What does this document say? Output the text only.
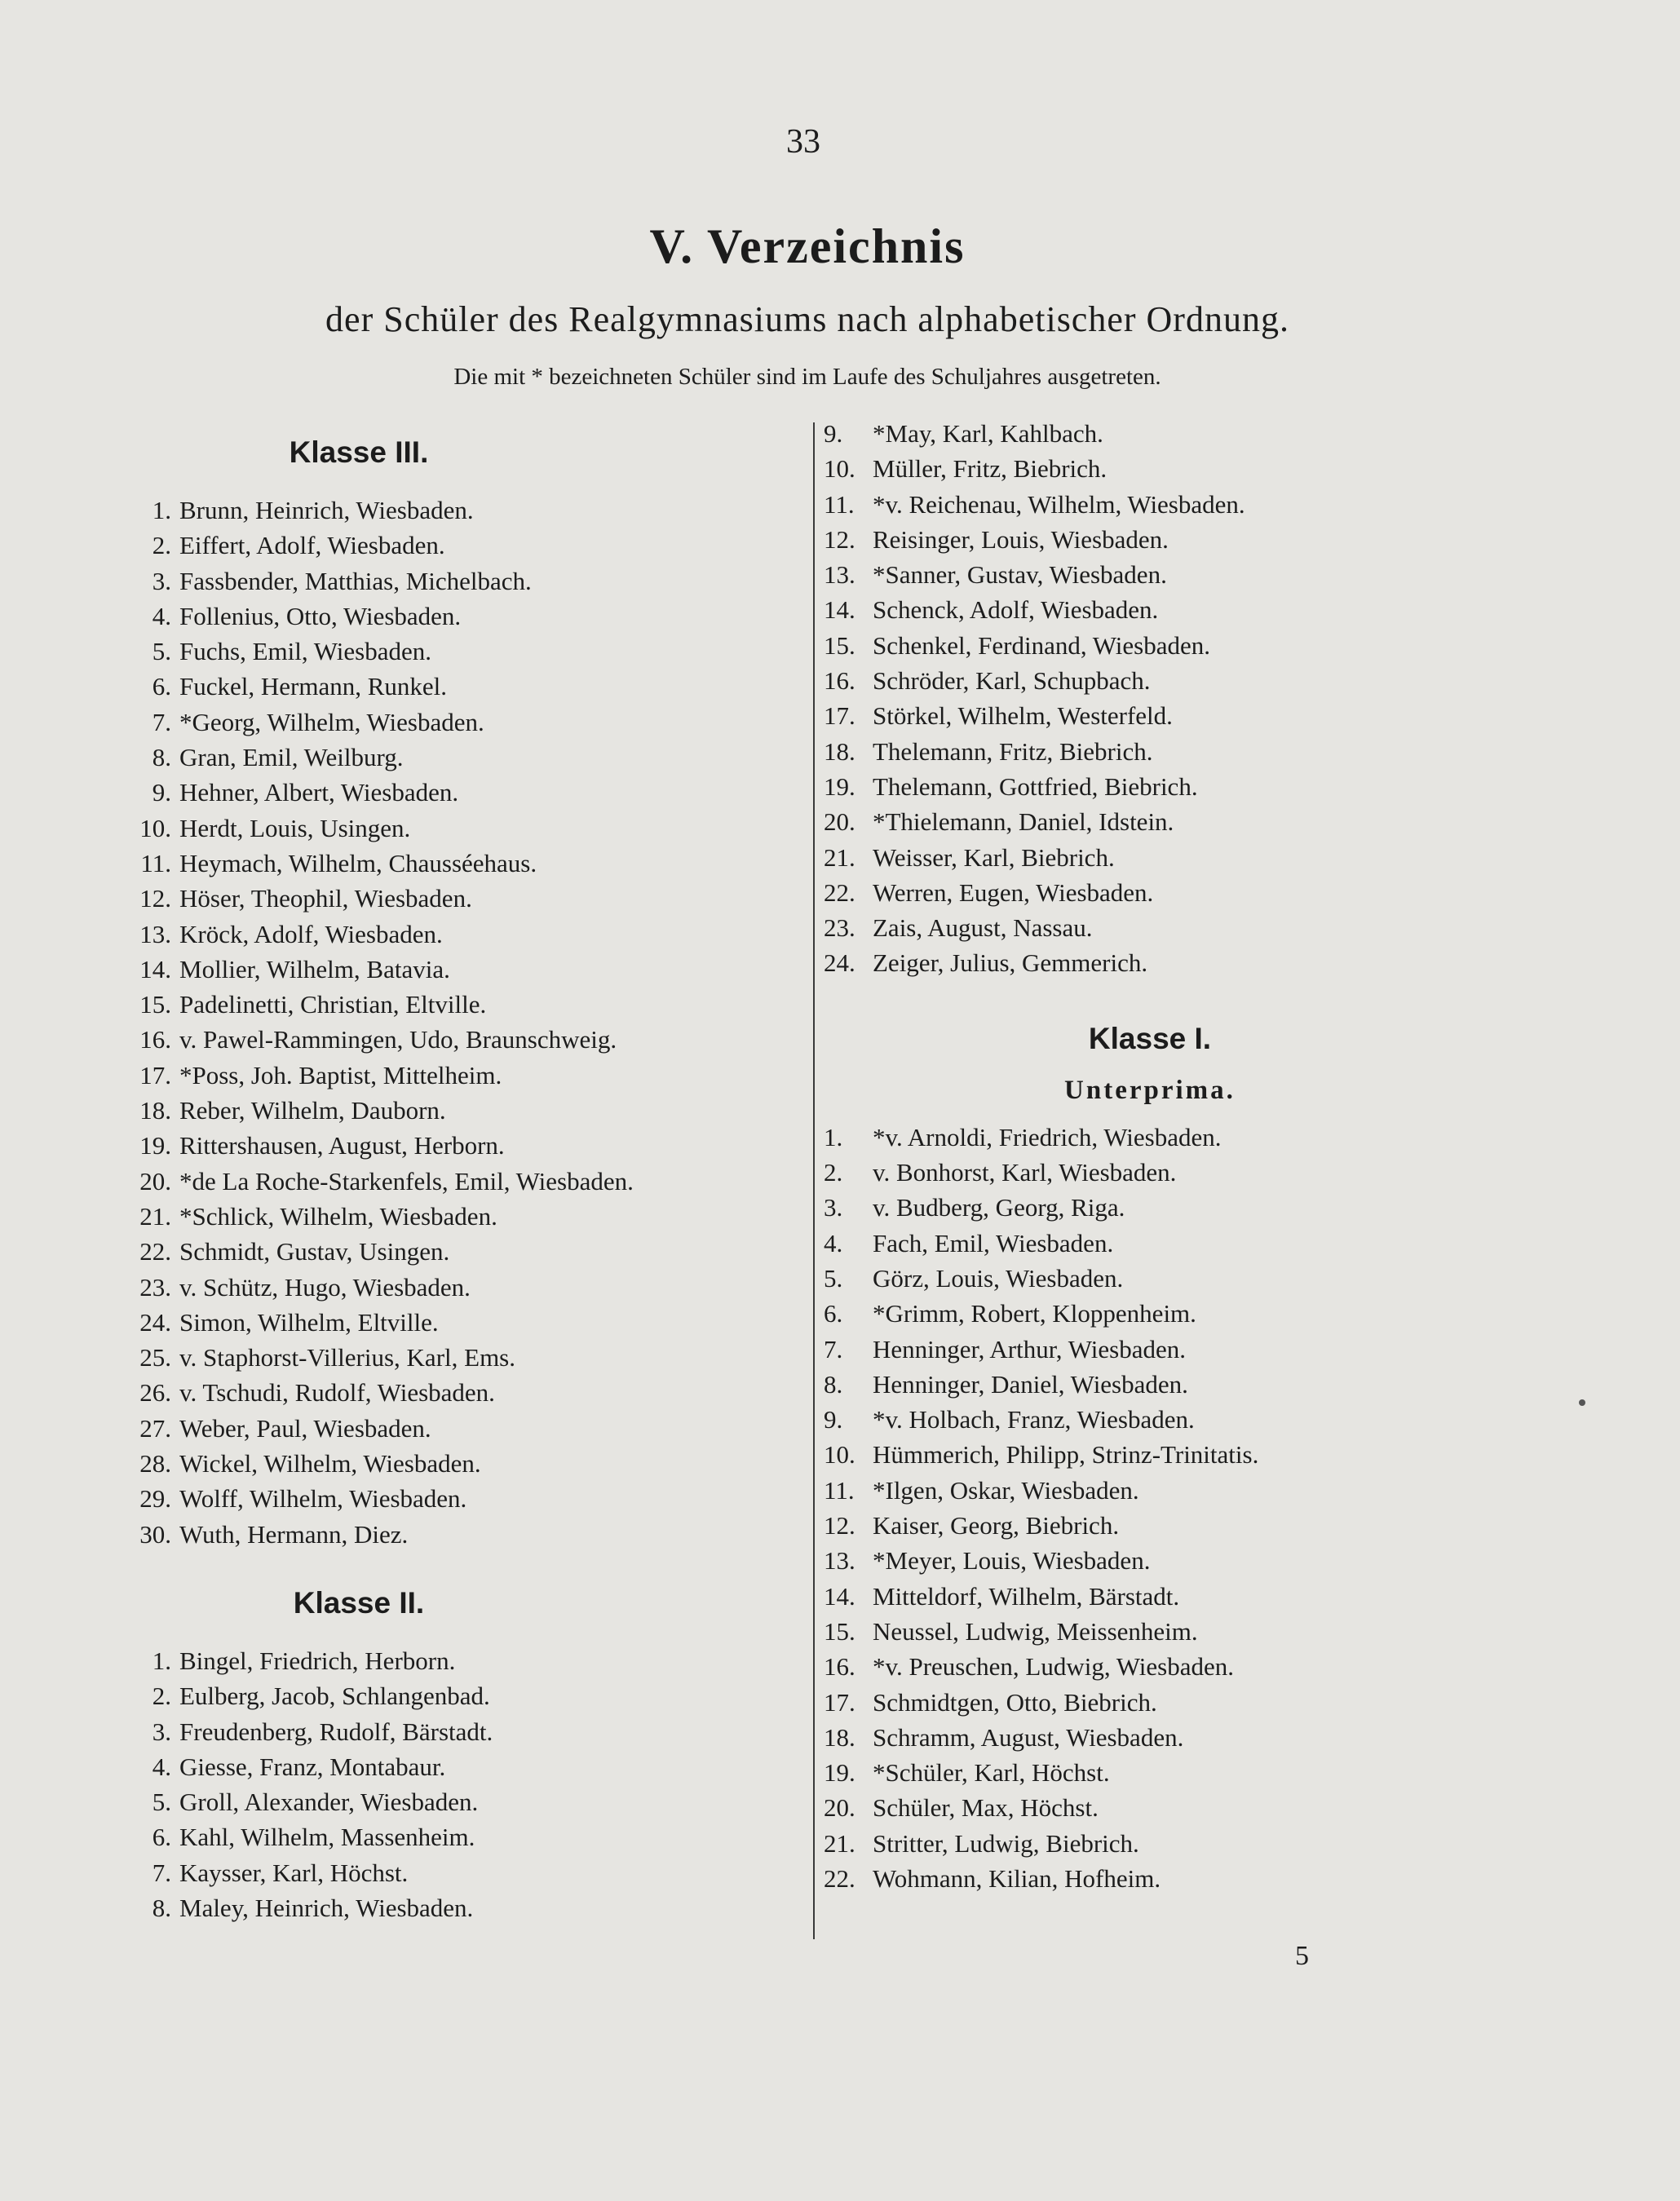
33
V. Verzeichnis
der Schüler des Realgymnasiums nach alphabetischer Ordnung.
Die mit * bezeichneten Schüler sind im Laufe des Schuljahres ausgetreten.
Klasse III.
1. Brunn, Heinrich, Wiesbaden.
2. Eiffert, Adolf, Wiesbaden.
3. Fassbender, Matthias, Michelbach.
4. Follenius, Otto, Wiesbaden.
5. Fuchs, Emil, Wiesbaden.
6. Fuckel, Hermann, Runkel.
7. *Georg, Wilhelm, Wiesbaden.
8. Gran, Emil, Weilburg.
9. Hehner, Albert, Wiesbaden.
10. Herdt, Louis, Usingen.
11. Heymach, Wilhelm, Chausséehaus.
12. Höser, Theophil, Wiesbaden.
13. Kröck, Adolf, Wiesbaden.
14. Mollier, Wilhelm, Batavia.
15. Padelinetti, Christian, Eltville.
16. v. Pawel-Rammingen, Udo, Braunschweig.
17. *Poss, Joh. Baptist, Mittelheim.
18. Reber, Wilhelm, Dauborn.
19. Rittershausen, August, Herborn.
20. *de La Roche-Starkenfels, Emil, Wiesbaden.
21. *Schlick, Wilhelm, Wiesbaden.
22. Schmidt, Gustav, Usingen.
23. v. Schütz, Hugo, Wiesbaden.
24. Simon, Wilhelm, Eltville.
25. v. Staphorst-Villerius, Karl, Ems.
26. v. Tschudi, Rudolf, Wiesbaden.
27. Weber, Paul, Wiesbaden.
28. Wickel, Wilhelm, Wiesbaden.
29. Wolff, Wilhelm, Wiesbaden.
30. Wuth, Hermann, Diez.
Klasse II.
1. Bingel, Friedrich, Herborn.
2. Eulberg, Jacob, Schlangenbad.
3. Freudenberg, Rudolf, Bärstadt.
4. Giesse, Franz, Montabaur.
5. Groll, Alexander, Wiesbaden.
6. Kahl, Wilhelm, Massenheim.
7. Kaysser, Karl, Höchst.
8. Maley, Heinrich, Wiesbaden.
9.	*May, Karl, Kahlbach.
10. Müller, Fritz, Biebrich.
11. *v. Reichenau, Wilhelm, Wiesbaden.
12. Reisinger, Louis, Wiesbaden.
13. *Sanner, Gustav, Wiesbaden.
14. Schenck, Adolf, Wiesbaden.
15. Schenkel, Ferdinand, Wiesbaden.
16. Schröder, Karl, Schupbach.
17. Störkel, Wilhelm, Westerfeld.
18. Thelemann, Fritz, Biebrich.
19. Thelemann, Gottfried, Biebrich.
20. *Thielemann, Daniel, Idstein.
21. Weisser, Karl, Biebrich.
22. Werren, Eugen, Wiesbaden.
23. Zais, August, Nassau.
24. Zeiger, Julius, Gemmerich.
Klasse I.
Unterprima.
1.	*v. Arnoldi, Friedrich, Wiesbaden.
2.	v. Bonhorst, Karl, Wiesbaden.
3.	v. Budberg, Georg, Riga.
4.	Fach, Emil, Wiesbaden.
5.	Görz, Louis, Wiesbaden.
6.	*Grimm, Robert, Kloppenheim.
7.	Henninger, Arthur, Wiesbaden.
8.	Henninger, Daniel, Wiesbaden.
9.	*v. Holbach, Franz, Wiesbaden.
10. Hümmerich, Philipp, Strinz-Trinitatis.
11. *Ilgen, Oskar, Wiesbaden.
12. Kaiser, Georg, Biebrich.
13. *Meyer, Louis, Wiesbaden.
14. Mitteldorf, Wilhelm, Bärstadt.
15. Neussel, Ludwig, Meissenheim.
16. *v. Preuschen, Ludwig, Wiesbaden.
17. Schmidtgen, Otto, Biebrich.
18. Schramm, August, Wiesbaden.
19. *Schüler, Karl, Höchst.
20. Schüler, Max, Höchst.
21. Stritter, Ludwig, Biebrich.
22. Wohmann, Kilian, Hofheim.
5
